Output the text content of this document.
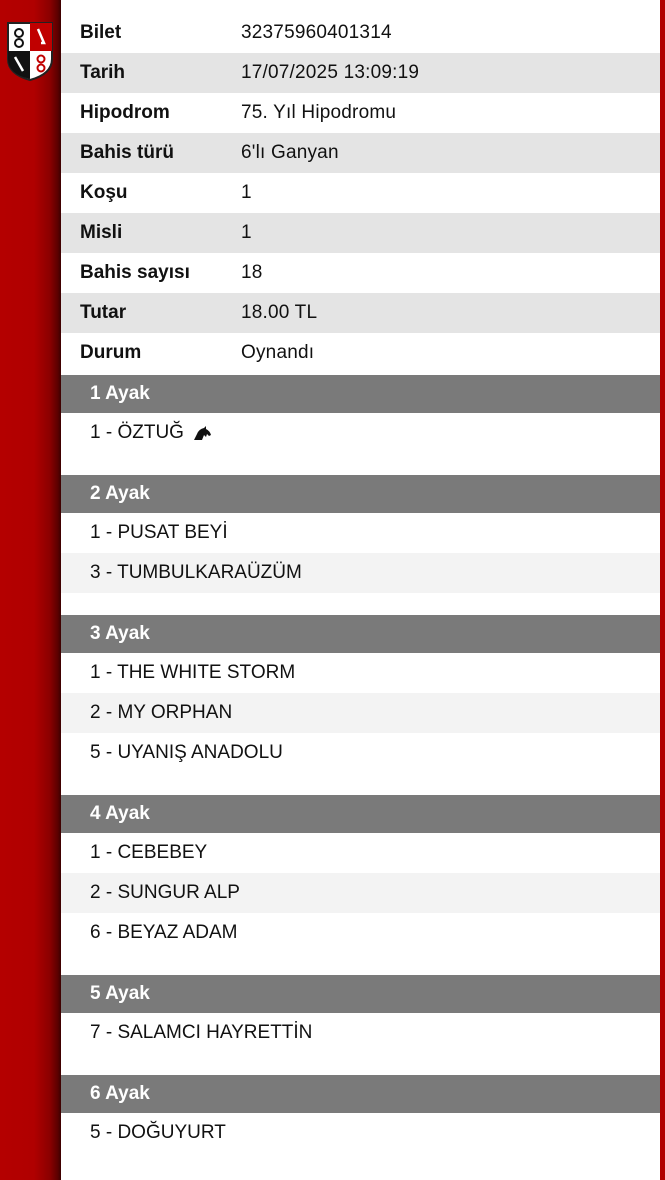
Bilet	32375960401314
Tarih	17/07/2025 13:09:19
Hipodrom	75. Yıl Hipodromu
Bahis türü	6'lı Ganyan
Koşu	1
Misli	1
Bahis sayısı	18
Tutar	18.00 TL
Durum	Oynandı
1 Ayak
1 - ÖZTUĞ
2 Ayak
1 - PUSAT BEYİ
3 - TUMBULKARAÜZÜM
3 Ayak
1 - THE WHITE STORM
2 - MY ORPHAN
5 - UYANIŞ ANADOLU
4 Ayak
1 - CEBEBEY
2 - SUNGUR ALP
6 - BEYAZ ADAM
5 Ayak
7 - SALAMCI HAYRETTİN
6 Ayak
5 - DOĞUYURT
